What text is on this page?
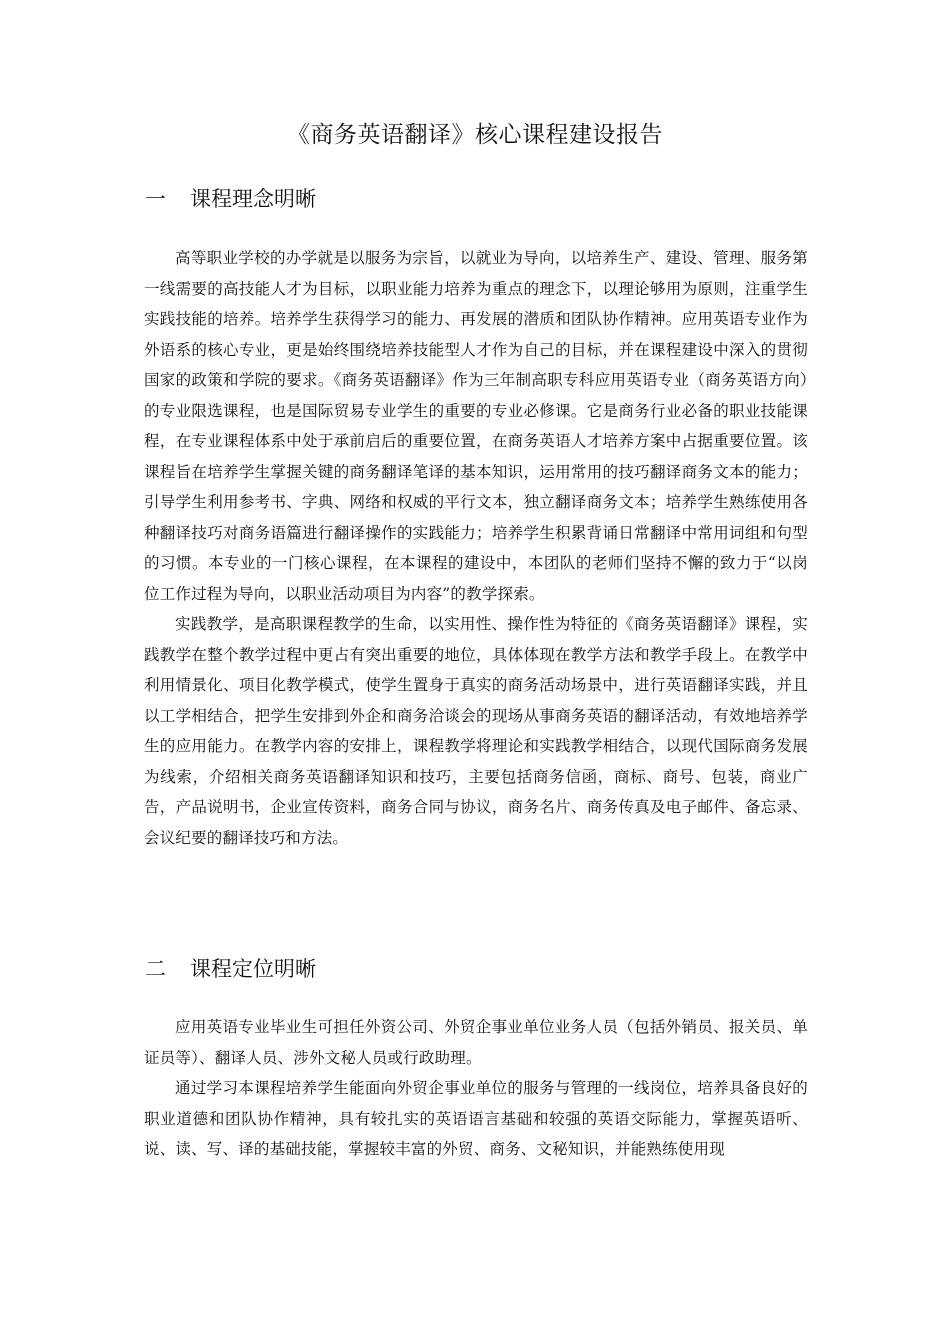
《商务英语翻译》核心课程建设报告
一 课程理念明晰

高等职业学校的办学就是以服务为宗旨，以就业为导向，以培养生产、建设、管理、服务第一线需要的高技能人才为目标，以职业能力培养为重点的理念下，以理论够用为原则，注重学生实践技能的培养。培养学生获得学习的能力、再发展的潜质和团队协作精神。应用英语专业作为外语系的核心专业，更是始终围绕培养技能型人才作为自己的目标，并在课程建设中深入的贯彻国家的政策和学院的要求。《商务英语翻译》作为三年制高职专科应用英语专业（商务英语方向）的专业限选课程，也是国际贸易专业学生的重要的专业必修课。它是商务行业必备的职业技能课程，在专业课程体系中处于承前启后的重要位置，在商务英语人才培养方案中占据重要位置。该课程旨在培养学生掌握关键的商务翻译笔译的基本知识，运用常用的技巧翻译商务文本的能力；引导学生利用参考书、字典、网络和权威的平行文本，独立翻译商务文本；培养学生熟练使用各种翻译技巧对商务语篇进行翻译操作的实践能力；培养学生积累背诵日常翻译中常用词组和句型的习惯。本专业的一门核心课程，在本课程的建设中，本团队的老师们坚持不懈的致力于“以岗位工作过程为导向，以职业活动项目为内容”的教学探索。

实践教学，是高职课程教学的生命，以实用性、操作性为特征的《商务英语翻译》课程，实践教学在整个教学过程中更占有突出重要的地位，具体体现在教学方法和教学手段上。在教学中利用情景化、项目化教学模式，使学生置身于真实的商务活动场景中，进行英语翻译实践，并且以工学相结合，把学生安排到外企和商务洽谈会的现场从事商务英语的翻译活动，有效地培养学生的应用能力。在教学内容的安排上，课程教学将理论和实践教学相结合，以现代国际商务发展为线索，介绍相关商务英语翻译知识和技巧，主要包括商务信函，商标、商号、包装，商业广告，产品说明书，企业宣传资料，商务合同与协议，商务名片、商务传真及电子邮件、备忘录、会议纪要的翻译技巧和方法。

二 课程定位明晰

应用英语专业毕业生可担任外资公司、外贸企事业单位业务人员（包括外销员、报关员、单证员等）、翻译人员、涉外文秘人员或行政助理。

通过学习本课程培养学生能面向外贸企事业单位的服务与管理的一线岗位，培养具备良好的职业道德和团队协作精神，具有较扎实的英语语言基础和较强的英语交际能力，掌握英语听、说、读、写、译的基础技能，掌握较丰富的外贸、商务、文秘知识，并能熟练使用现
